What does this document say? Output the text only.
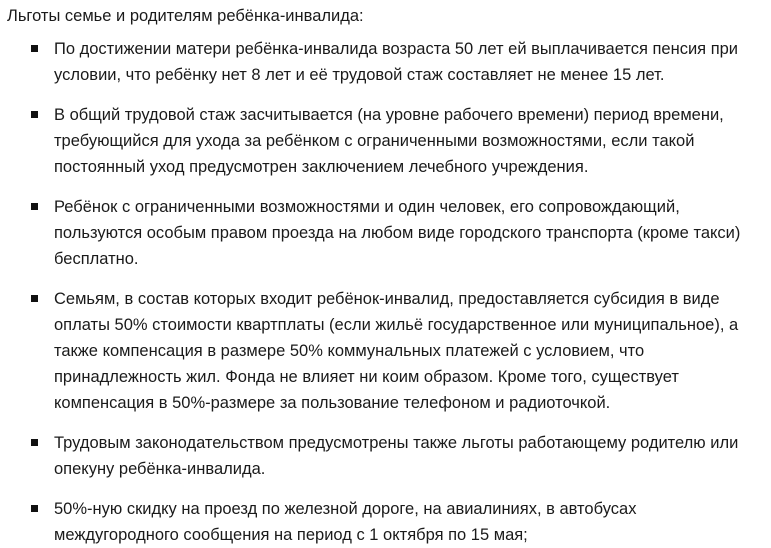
Льготы семье и родителям ребёнка-инвалида:
По достижении матери ребёнка-инвалида возраста 50 лет ей выплачивается пенсия при условии, что ребёнку нет 8 лет и её трудовой стаж составляет не менее 15 лет.
В общий трудовой стаж засчитывается (на уровне рабочего времени) период времени, требующийся для ухода за ребёнком с ограниченными возможностями, если такой постоянный уход предусмотрен заключением лечебного учреждения.
Ребёнок с ограниченными возможностями и один человек, его сопровождающий, пользуются особым правом проезда на любом виде городского транспорта (кроме такси) бесплатно.
Семьям, в состав которых входит ребёнок-инвалид, предоставляется субсидия в виде оплаты 50% стоимости квартплаты (если жильё государственное или муниципальное), а также компенсация в размере 50% коммунальных платежей с условием, что принадлежность жил. Фонда не влияет ни коим образом. Кроме того, существует компенсация в 50%-размере за пользование телефоном и радиоточкой.
Трудовым законодательством предусмотрены также льготы работающему родителю или опекуну ребёнка-инвалида.
50%-ную скидку на проезд по железной дороге, на авиалиниях, в автобусах междугородного сообщения на период с 1 октября по 15 мая;
